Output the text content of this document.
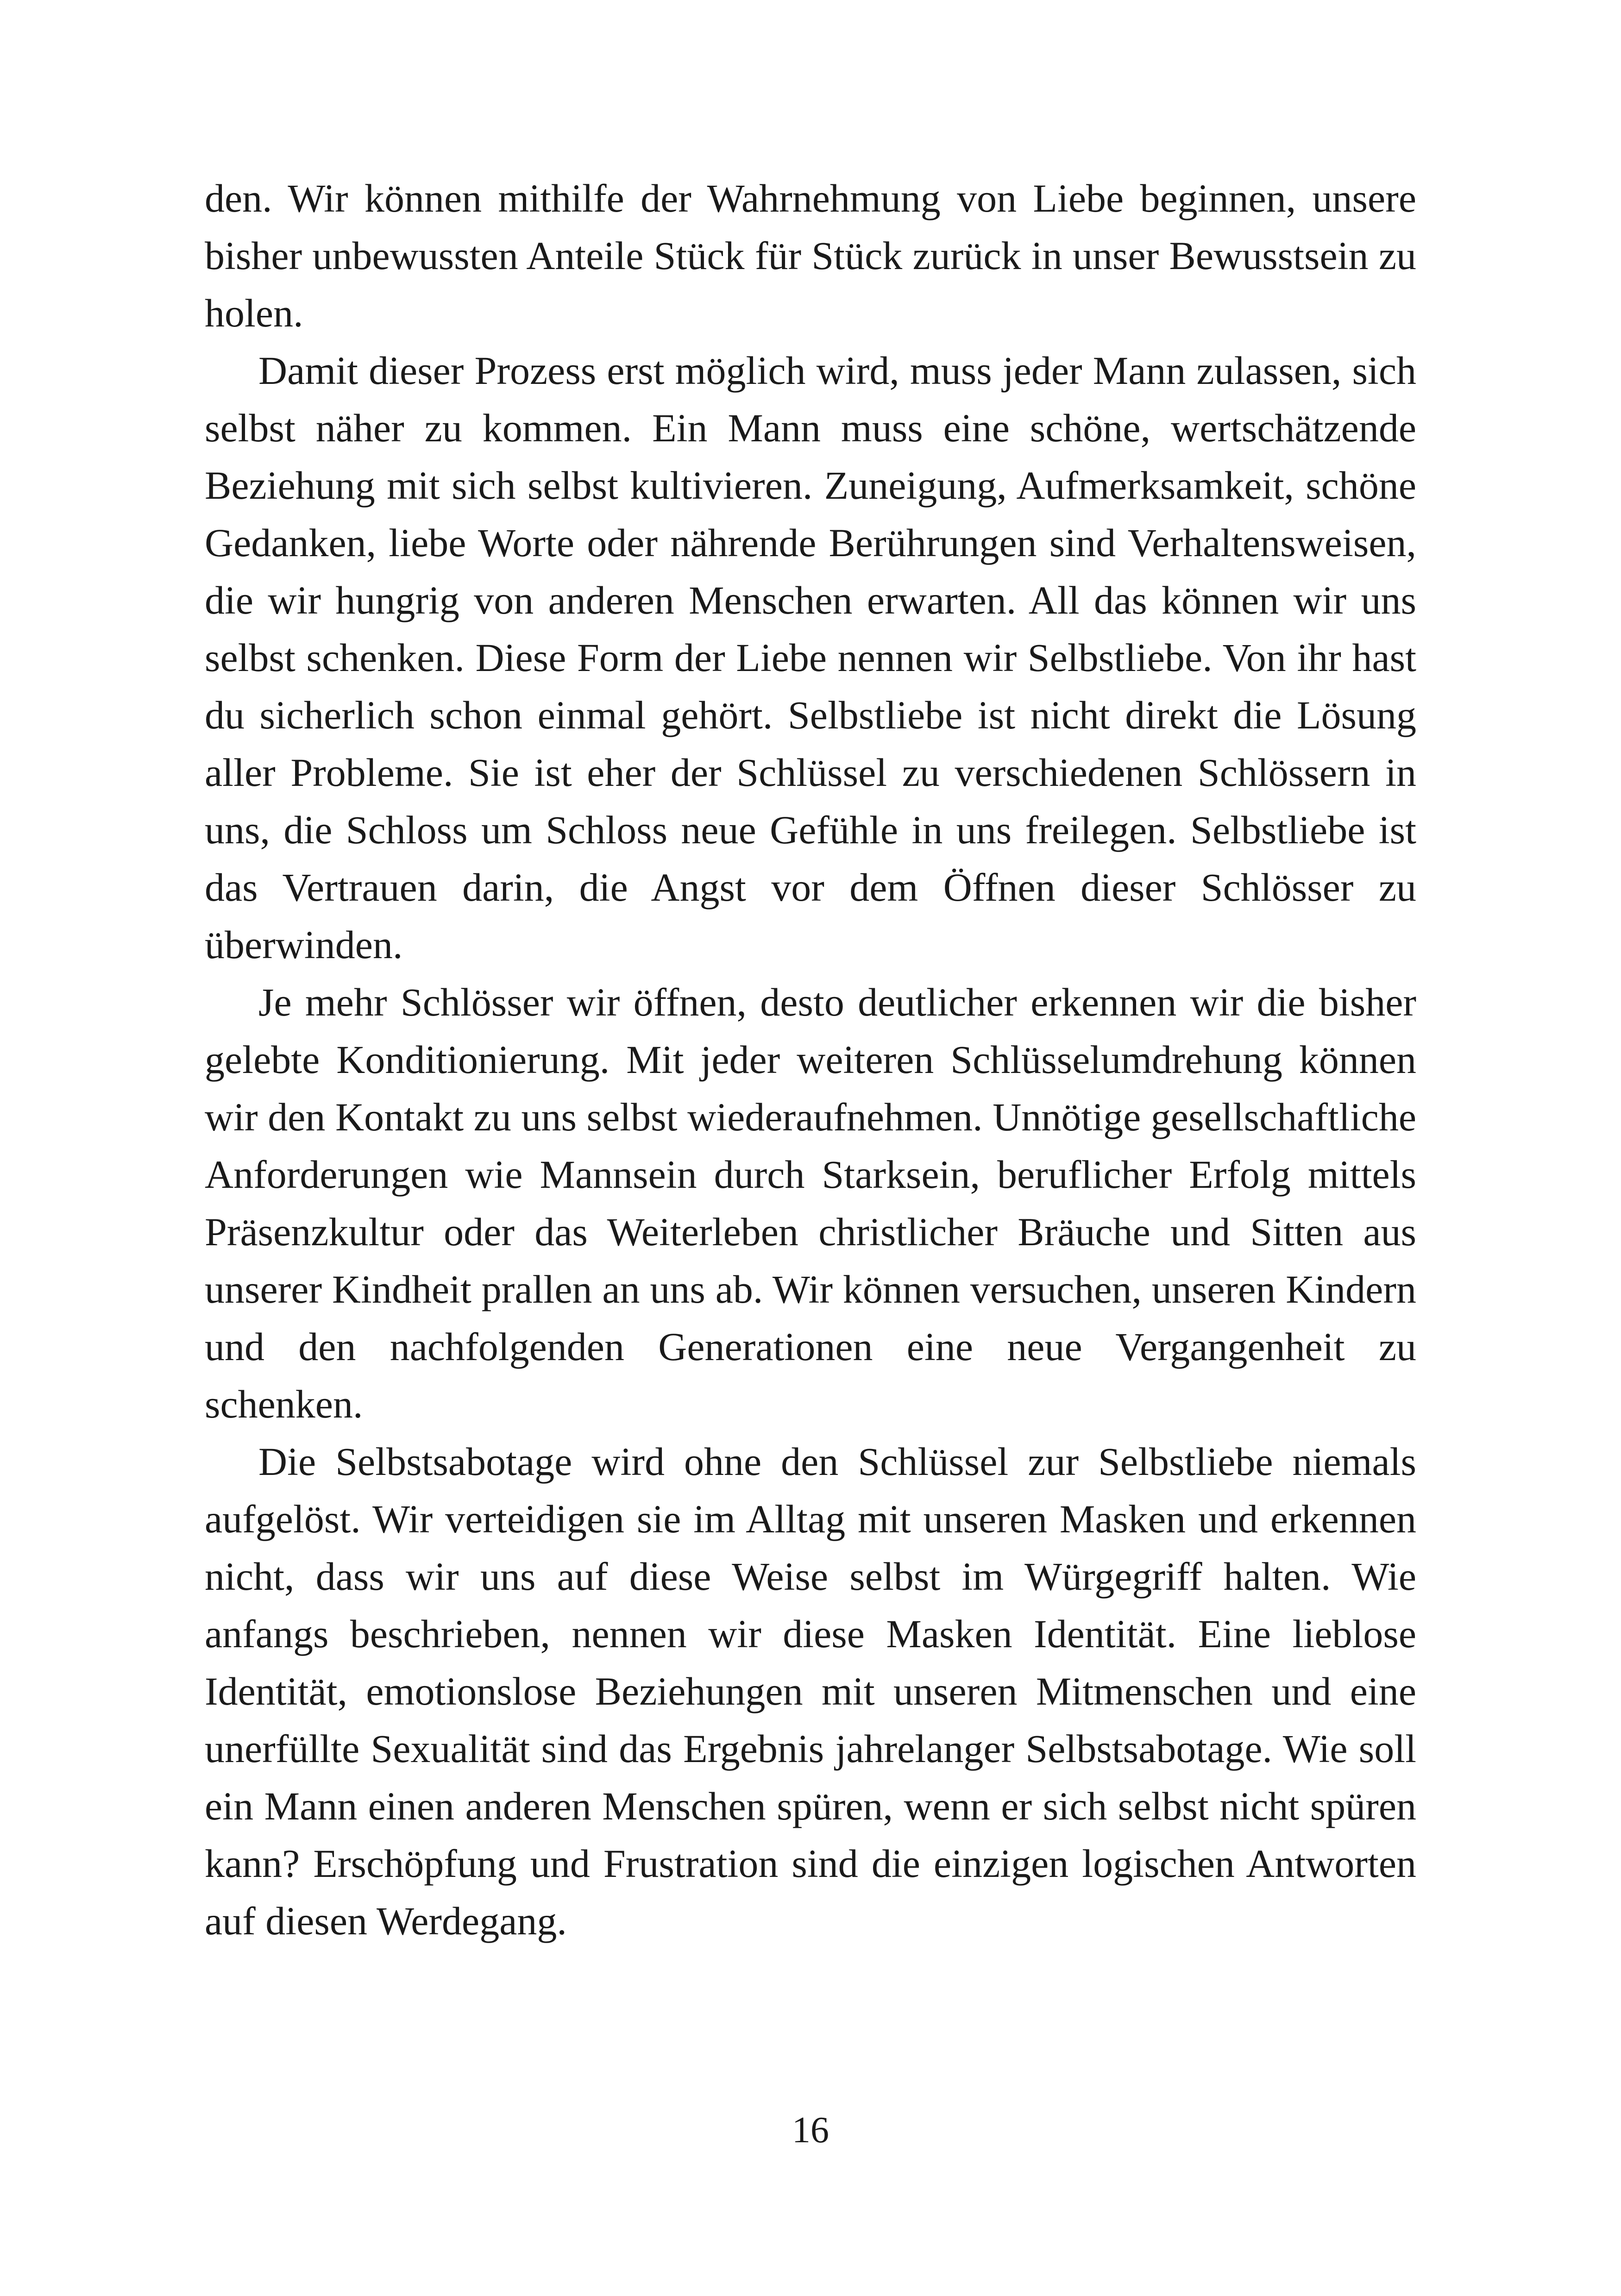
den. Wir können mithilfe der Wahrnehmung von Liebe beginnen, unsere bisher unbewussten Anteile Stück für Stück zurück in unser Bewusstsein zu holen.

Damit dieser Prozess erst möglich wird, muss jeder Mann zulassen, sich selbst näher zu kommen. Ein Mann muss eine schöne, wertschätzende Beziehung mit sich selbst kultivieren. Zuneigung, Aufmerksamkeit, schöne Gedanken, liebe Worte oder nährende Berührungen sind Verhaltensweisen, die wir hungrig von anderen Menschen erwarten. All das können wir uns selbst schenken. Diese Form der Liebe nennen wir Selbstliebe. Von ihr hast du sicherlich schon einmal gehört. Selbstliebe ist nicht direkt die Lösung aller Probleme. Sie ist eher der Schlüssel zu verschiedenen Schlössern in uns, die Schloss um Schloss neue Gefühle in uns freilegen. Selbstliebe ist das Vertrauen darin, die Angst vor dem Öffnen dieser Schlösser zu überwinden.

Je mehr Schlösser wir öffnen, desto deutlicher erkennen wir die bisher gelebte Konditionierung. Mit jeder weiteren Schlüsselumdrehung können wir den Kontakt zu uns selbst wiederaufnehmen. Unnötige gesellschaftliche Anforderungen wie Mannsein durch Starksein, beruflicher Erfolg mittels Präsenzkultur oder das Weiterleben christlicher Bräuche und Sitten aus unserer Kindheit prallen an uns ab. Wir können versuchen, unseren Kindern und den nachfolgenden Generationen eine neue Vergangenheit zu schenken.

Die Selbstsabotage wird ohne den Schlüssel zur Selbstliebe niemals aufgelöst. Wir verteidigen sie im Alltag mit unseren Masken und erkennen nicht, dass wir uns auf diese Weise selbst im Würgegriff halten. Wie anfangs beschrieben, nennen wir diese Masken Identität. Eine lieblose Identität, emotionslose Beziehungen mit unseren Mitmenschen und eine unerfüllte Sexualität sind das Ergebnis jahrelanger Selbstsabotage. Wie soll ein Mann einen anderen Menschen spüren, wenn er sich selbst nicht spüren kann? Erschöpfung und Frustration sind die einzigen logischen Antworten auf diesen Werdegang.

16
